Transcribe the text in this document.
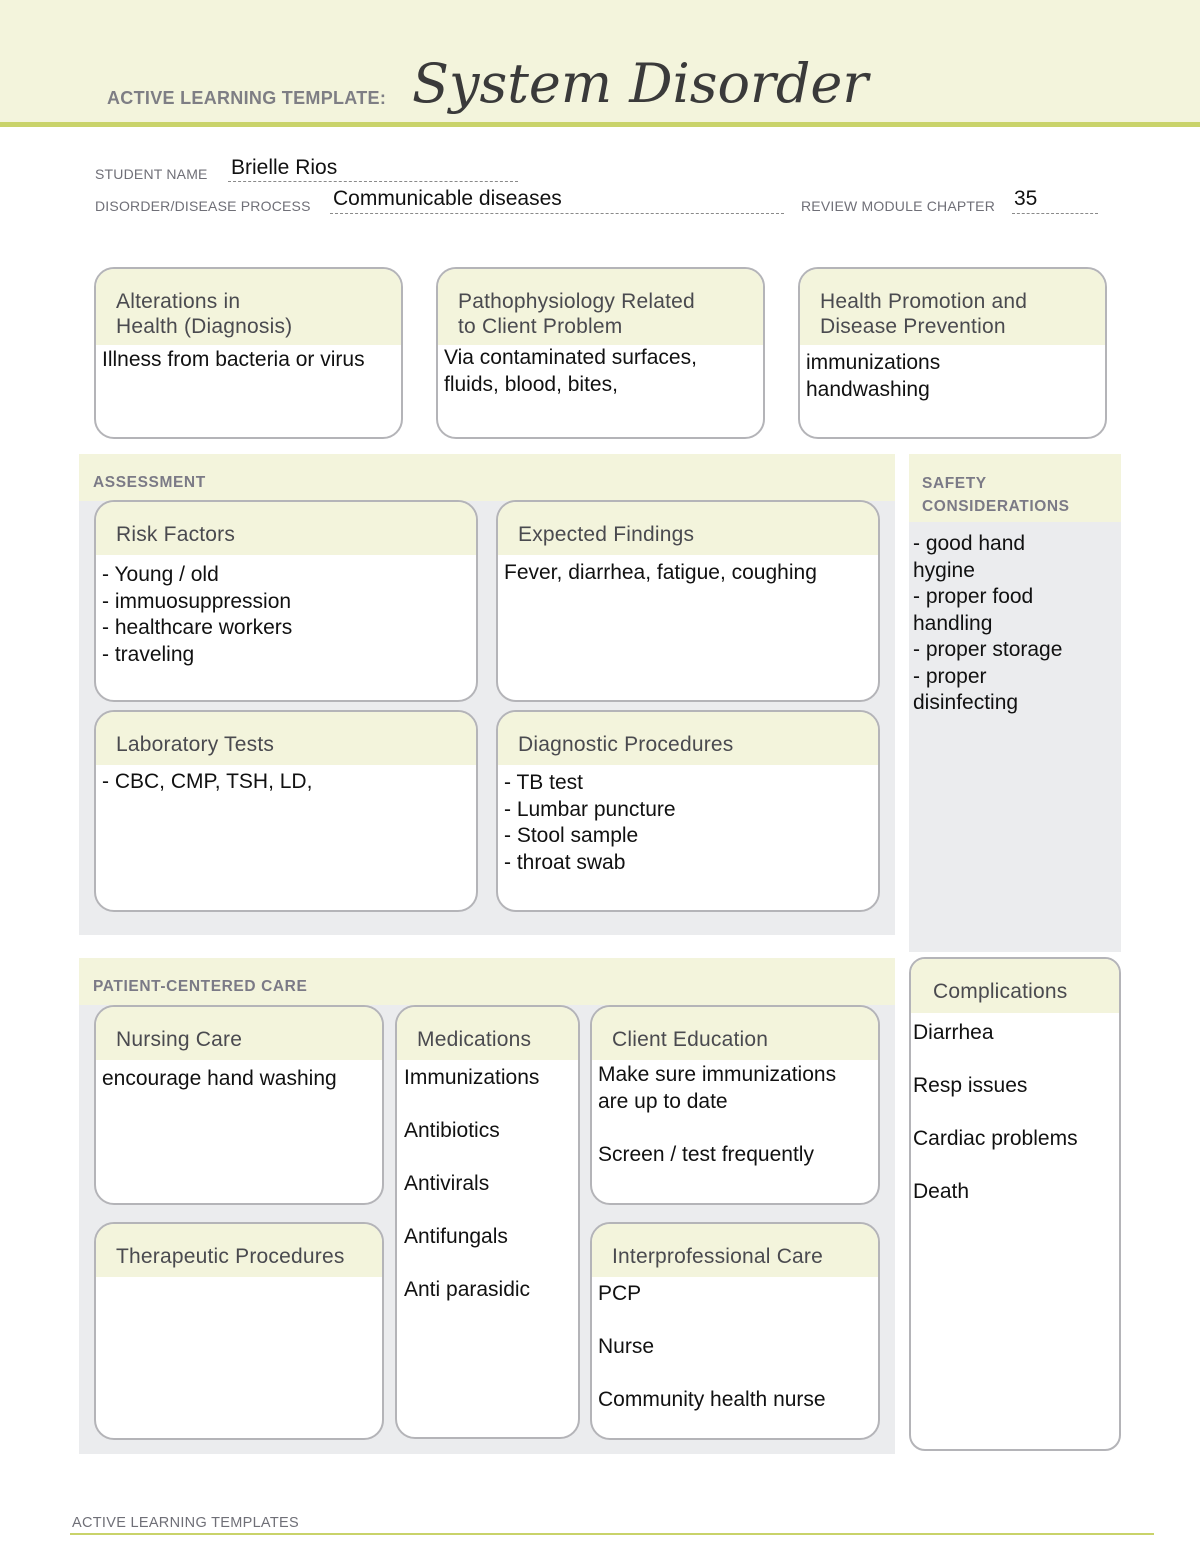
ACTIVE LEARNING TEMPLATE: System Disorder
STUDENT NAME Brielle Rios
DISORDER/DISEASE PROCESS Communicable diseases	REVIEW MODULE CHAPTER 35
Alterations in
Health (Diagnosis)
Illness from bacteria or virus
Pathophysiology Related
to Client Problem
Via contaminated surfaces,
fluids, blood, bites,
Health Promotion and
Disease Prevention
immunizations
handwashing
ASSESSMENT
Risk Factors
- Young / old
- immuosuppression
- healthcare workers
- traveling
Expected Findings
Fever, diarrhea, fatigue, coughing
Laboratory Tests
- CBC, CMP, TSH, LD,
Diagnostic Procedures
- TB test
- Lumbar puncture
- Stool sample
- throat swab
SAFETY
CONSIDERATIONS
- good hand
hygine
- proper food
handling
- proper storage
- proper
disinfecting
PATIENT-CENTERED CARE
Nursing Care
encourage hand washing
Medications
Immunizations

Antibiotics

Antivirals

Antifungals

Anti parasidic
Client Education
Make sure immunizations
are up to date

Screen / test frequently
Therapeutic Procedures	Interprofessional Care
PCP

Nurse

Community health nurse
Complications
Diarrhea

Resp issues

Cardiac problems

Death
ACTIVE LEARNING TEMPLATES
